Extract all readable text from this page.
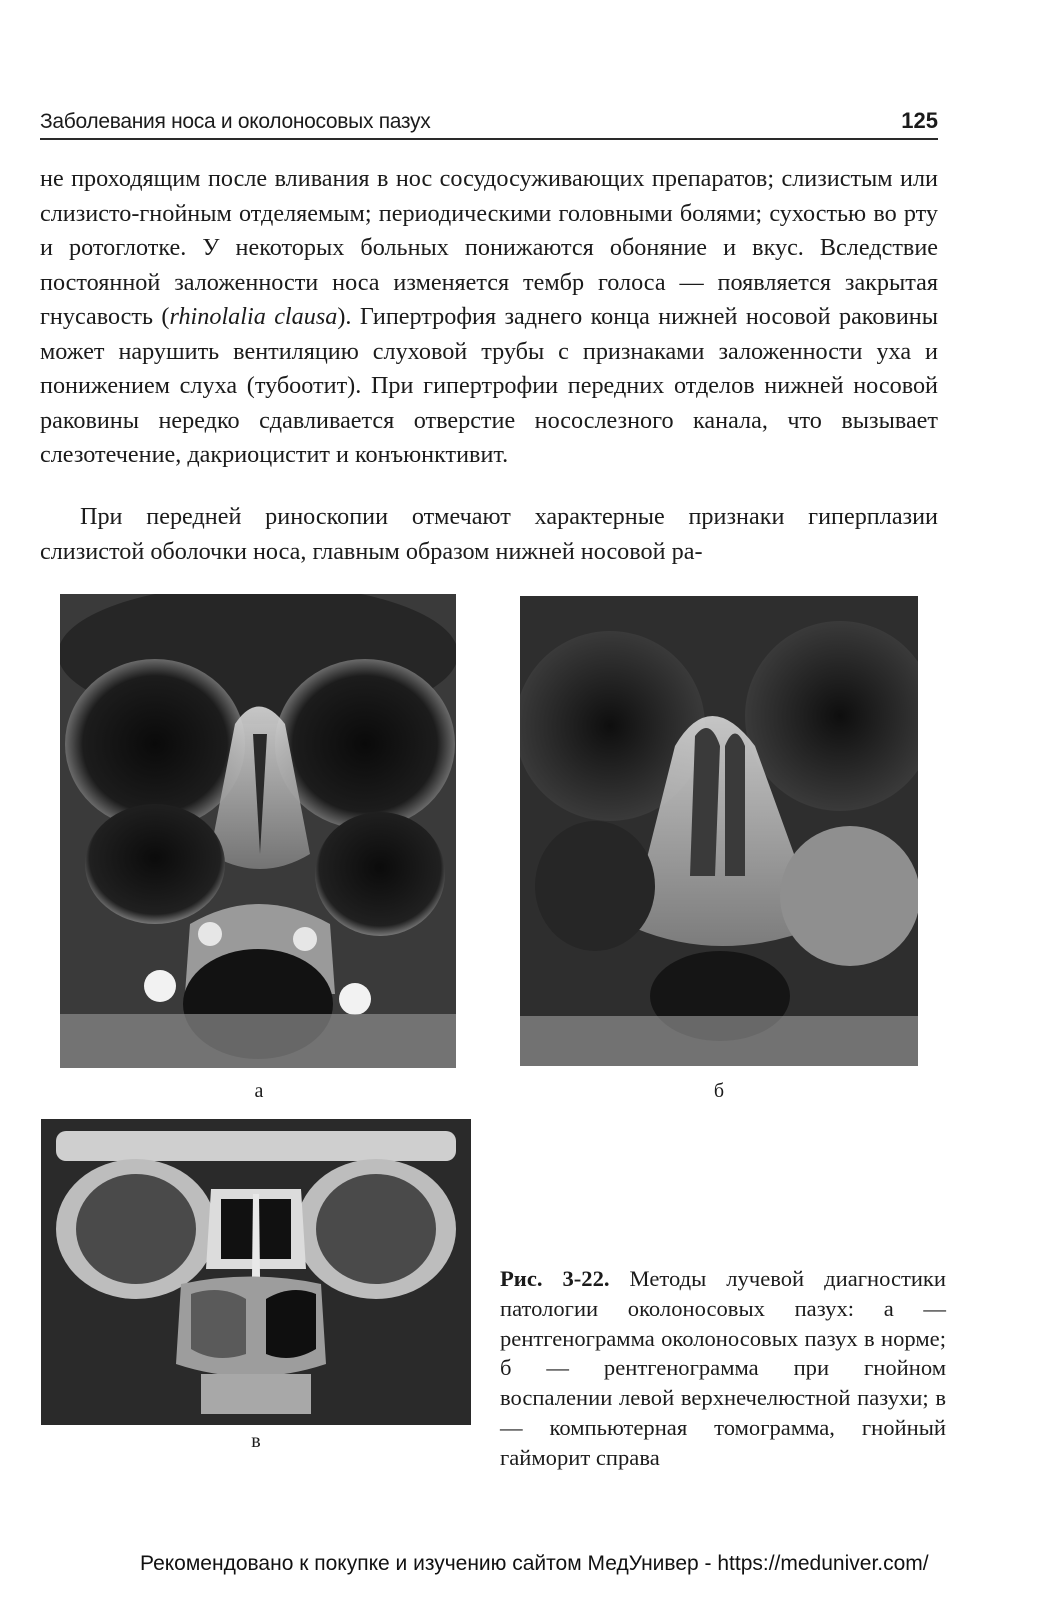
Заболевания носа и околоносовых пазух	125

не проходящим после вливания в нос сосудосуживающих препаратов; слизистым или слизисто-гнойным отделяемым; периодическими головными болями; сухостью во рту и ротоглотке. У некоторых больных понижаются обоняние и вкус. Вследствие постоянной заложенности носа изменяется тембр голоса — появляется закрытая гнусавость (rhinolalia clausa). Гипертрофия заднего конца нижней носовой раковины может нарушить вентиляцию слуховой трубы с признаками заложенности уха и понижением слуха (тубоотит). При гипертрофии передних отделов нижней носовой раковины нередко сдавливается отверстие носослезного канала, что вызывает слезотечение, дакриоцистит и конъюнктивит.

При передней риноскопии отмечают характерные признаки гиперплазии слизистой оболочки носа, главным образом нижней носовой ра-

а	б
в

Рис. 3-22. Методы лучевой диагностики патологии околоносовых пазух: а — рентгенограмма околоносовых пазух в норме; б — рентгенограмма при гнойном воспалении левой верхнечелюстной пазухи; в — компьютерная томограмма, гнойный гайморит справа

Рекомендовано к покупке и изучению сайтом МедУнивер - https://meduniver.com/
